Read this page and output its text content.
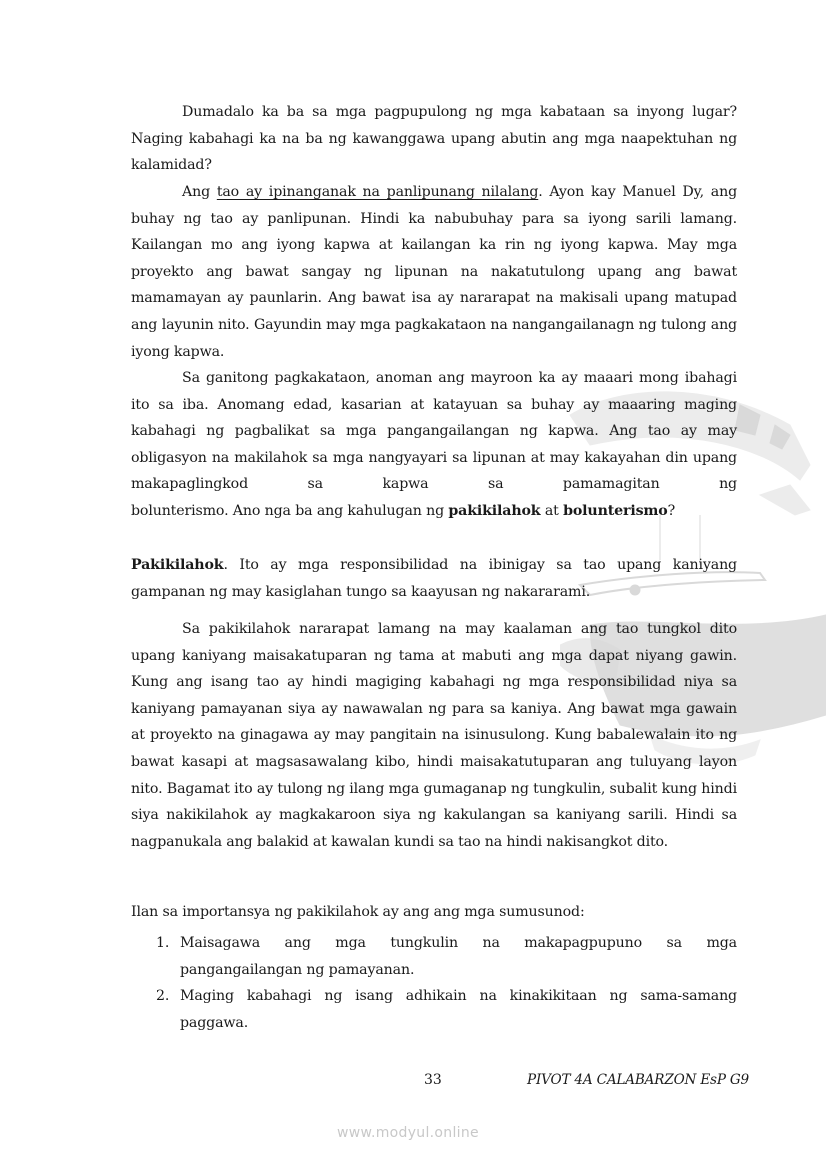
Dumadalo ka ba sa mga pagpupulong ng mga kabataan sa inyong lugar? Naging kabahagi ka na ba ng kawanggawa upang abutin ang mga naapektuhan ng kalamidad?

Ang tao ay ipinanganak na panlipunang nilalang. Ayon kay Manuel Dy, ang buhay ng tao ay panlipunan. Hindi ka nabubuhay para sa iyong sarili lamang. Kailangan mo ang iyong kapwa at kailangan ka rin ng iyong kapwa. May mga proyekto ang bawat sangay ng lipunan na nakatutulong upang ang bawat mamamayan ay paunlarin. Ang bawat isa ay nararapat na makisali upang matupad ang layunin nito. Gayundin may mga pagkakataon na nangangailanagn ng tulong ang iyong kapwa.

Sa ganitong pagkakataon, anoman ang mayroon ka ay maaari mong ibahagi ito sa iba. Anomang edad, kasarian at katayuan sa buhay ay maaaring maging kabahagi ng pagbalikat sa mga pangangailangan ng kapwa. Ang tao ay may obligasyon na makilahok sa mga nangyayari sa lipunan at may kakayahan din upang makapaglingkod sa kapwa sa pamamagitan ng

bolunterismo. Ano nga ba ang kahulugan ng pakikilahok at bolunterismo?

Pakikilahok. Ito ay mga responsibilidad na ibinigay sa tao upang kaniyang gampanan ng may kasiglahan tungo sa kaayusan ng nakararami.

Sa pakikilahok nararapat lamang na may kaalaman ang tao tungkol dito upang kaniyang maisakatuparan ng tama at mabuti ang mga dapat niyang gawin. Kung ang isang tao ay hindi magiging kabahagi ng mga responsibilidad niya sa kaniyang pamayanan siya ay nawawalan ng para sa kaniya. Ang bawat mga gawain at proyekto na ginagawa ay may pangitain na isinusulong. Kung babalewalain ito ng bawat kasapi at magsasawalang kibo, hindi maisakatutuparan ang tuluyang layon nito. Bagamat ito ay tulong ng ilang mga gumaganap ng tungkulin, subalit kung hindi siya nakikilahok ay magkakaroon siya ng kakulangan sa kaniyang sarili. Hindi sa nagpanukala ang balakid at kawalan kundi sa tao na hindi nakisangkot dito.

Ilan sa importansya ng pakikilahok ay ang ang mga sumusunod:

1. Maisagawa ang mga tungkulin na makapagpupuno sa mga
pangangailangan ng pamayanan.
2. Maging kabahagi ng isang adhikain na kinakikitaan ng sama-samang
paggawa.
33	PIVOT 4A CALABARZON EsP G9
www.modyul.online
